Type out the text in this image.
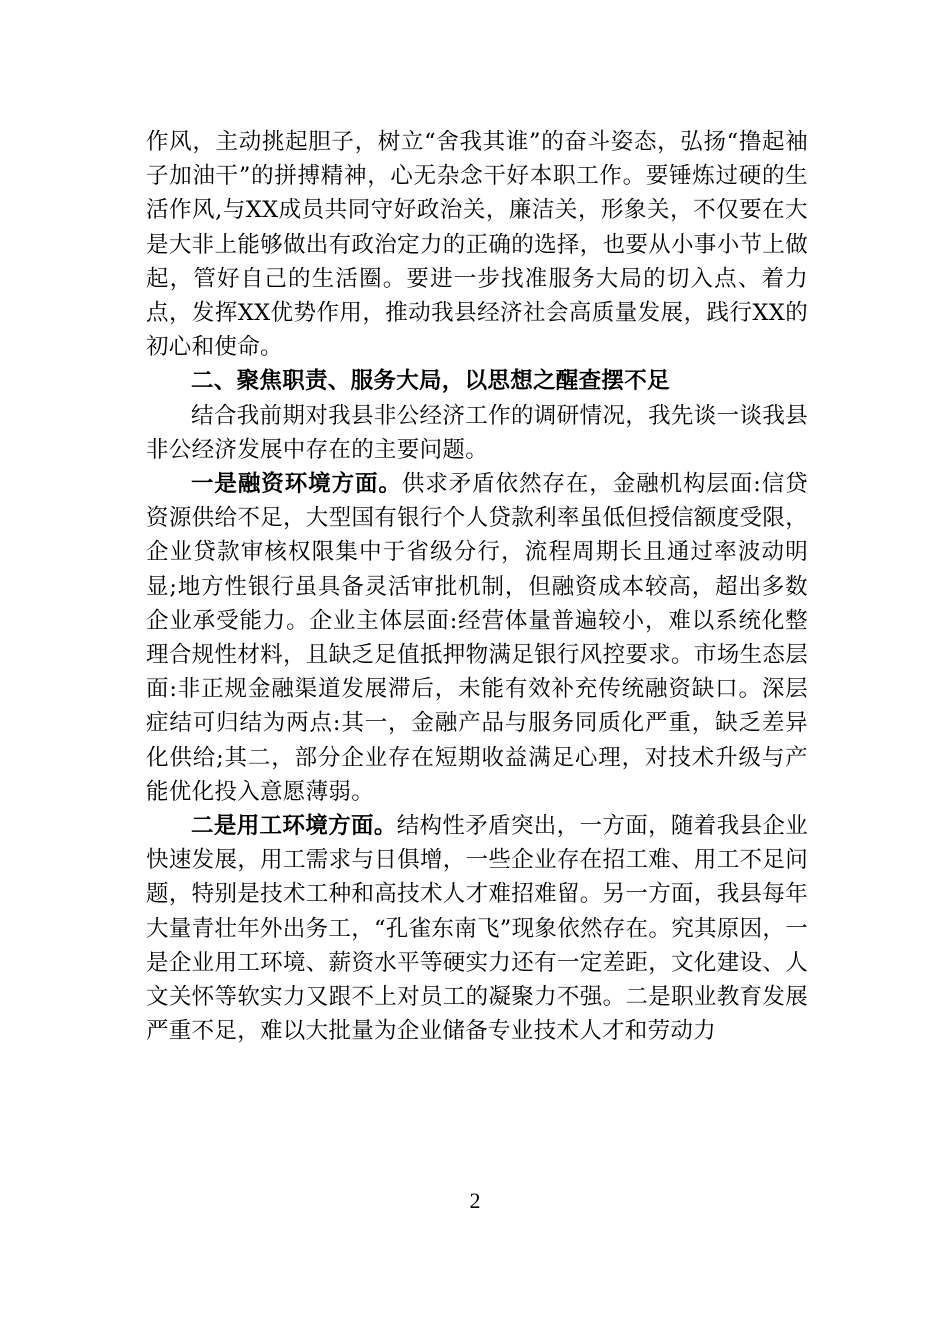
作风，主动挑起胆子，树立“舍我其谁”的奋斗姿态，弘扬“撸起袖子加油干”的拼搏精神，心无杂念干好本职工作。要锤炼过硬的生活作风,与XX成员共同守好政治关，廉洁关，形象关，不仅要在大是大非上能够做出有政治定力的正确的选择，也要从小事小节上做起，管好自己的生活圈。要进一步找准服务大局的切入点、着力点，发挥XX优势作用，推动我县经济社会高质量发展，践行XX的初心和使命。

二、聚焦职责、服务大局，以思想之醒查摆不足

结合我前期对我县非公经济工作的调研情况，我先谈一谈我县非公经济发展中存在的主要问题。

一是融资环境方面。供求矛盾依然存在，金融机构层面:信贷资源供给不足，大型国有银行个人贷款利率虽低但授信额度受限，企业贷款审核权限集中于省级分行，流程周期长且通过率波动明显;地方性银行虽具备灵活审批机制，但融资成本较高，超出多数企业承受能力。企业主体层面:经营体量普遍较小，难以系统化整理合规性材料，且缺乏足值抵押物满足银行风控要求。市场生态层面:非正规金融渠道发展滞后，未能有效补充传统融资缺口。深层症结可归结为两点:其一，金融产品与服务同质化严重，缺乏差异化供给;其二，部分企业存在短期收益满足心理，对技术升级与产能优化投入意愿薄弱。

二是用工环境方面。结构性矛盾突出，一方面，随着我县企业快速发展，用工需求与日俱增，一些企业存在招工难、用工不足问题，特别是技术工种和高技术人才难招难留。另一方面，我县每年大量青壮年外出务工，“孔雀东南飞”现象依然存在。究其原因，一是企业用工环境、薪资水平等硬实力还有一定差距，文化建设、人文关怀等软实力又跟不上对员工的凝聚力不强。二是职业教育发展严重不足，难以大批量为企业储备专业技术人才和劳动力

2
